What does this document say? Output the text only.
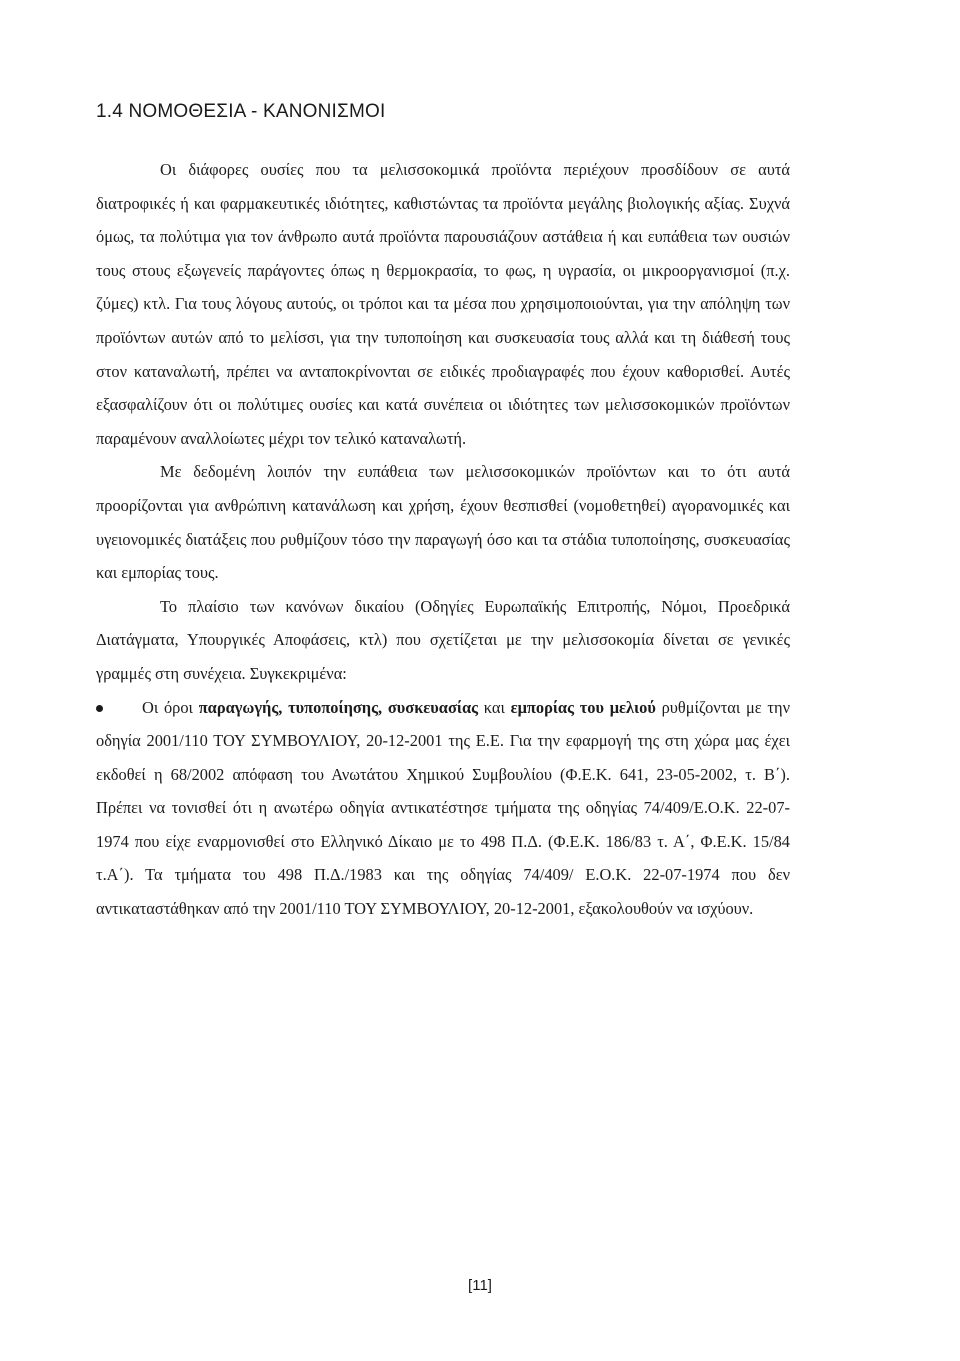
1.4 ΝΟΜΟΘΕΣΙΑ - ΚΑΝΟΝΙΣΜΟΙ

Οι διάφορες ουσίες που τα μελισσοκομικά προϊόντα περιέχουν προσδίδουν σε αυτά διατροφικές ή και φαρμακευτικές ιδιότητες, καθιστώντας τα προϊόντα μεγάλης βιολογικής αξίας. Συχνά όμως, τα πολύτιμα για τον άνθρωπο αυτά προϊόντα παρουσιάζουν αστάθεια ή και ευπάθεια των ουσιών τους στους εξωγενείς παράγοντες όπως η θερμοκρασία, το φως, η υγρασία, οι μικροοργανισμοί (π.χ. ζύμες) κτλ. Για τους λόγους αυτούς, οι τρόποι και τα μέσα που χρησιμοποιούνται, για την απόληψη των προϊόντων αυτών από το μελίσσι, για την τυποποίηση και συσκευασία τους αλλά και τη διάθεσή τους στον καταναλωτή, πρέπει να ανταποκρίνονται σε ειδικές προδιαγραφές που έχουν καθορισθεί. Αυτές εξασφαλίζουν ότι οι πολύτιμες ουσίες και κατά συνέπεια οι ιδιότητες των μελισσοκομικών προϊόντων παραμένουν αναλλοίωτες μέχρι τον τελικό καταναλωτή.

Με δεδομένη λοιπόν την ευπάθεια των μελισσοκομικών προϊόντων και το ότι αυτά προορίζονται για ανθρώπινη κατανάλωση και χρήση, έχουν θεσπισθεί (νομοθετηθεί) αγορανομικές και υγειονομικές διατάξεις που ρυθμίζουν τόσο την παραγωγή όσο και τα στάδια τυποποίησης, συσκευασίας και εμπορίας τους.

Το πλαίσιο των κανόνων δικαίου (Οδηγίες Ευρωπαϊκής Επιτροπής, Νόμοι, Προεδρικά Διατάγματα, Υπουργικές Αποφάσεις, κτλ) που σχετίζεται με την μελισσοκομία δίνεται σε γενικές γραμμές στη συνέχεια. Συγκεκριμένα:

Οι όροι παραγωγής, τυποποίησης, συσκευασίας και εμπορίας του μελιού ρυθμίζονται με την οδηγία 2001/110 ΤΟΥ ΣΥΜΒΟΥΛΙΟΥ, 20-12-2001 της Ε.Ε. Για την εφαρμογή της στη χώρα μας έχει εκδοθεί η 68/2002 απόφαση του Ανωτάτου Χημικού Συμβουλίου (Φ.Ε.Κ. 641, 23-05-2002, τ. Β΄). Πρέπει να τονισθεί ότι η ανωτέρω οδηγία αντικατέστησε τμήματα της οδηγίας 74/409/Ε.Ο.Κ. 22-07-1974 που είχε εναρμονισθεί στο Ελληνικό Δίκαιο με το 498 Π.Δ. (Φ.Ε.Κ. 186/83 τ. Α΄, Φ.Ε.Κ. 15/84 τ.Α΄). Τα τμήματα του 498 Π.Δ./1983 και της οδηγίας 74/409/ Ε.Ο.Κ. 22-07-1974 που δεν αντικαταστάθηκαν από την 2001/110 ΤΟΥ ΣΥΜΒΟΥΛΙΟΥ, 20-12-2001, εξακολουθούν να ισχύουν.

[11]
